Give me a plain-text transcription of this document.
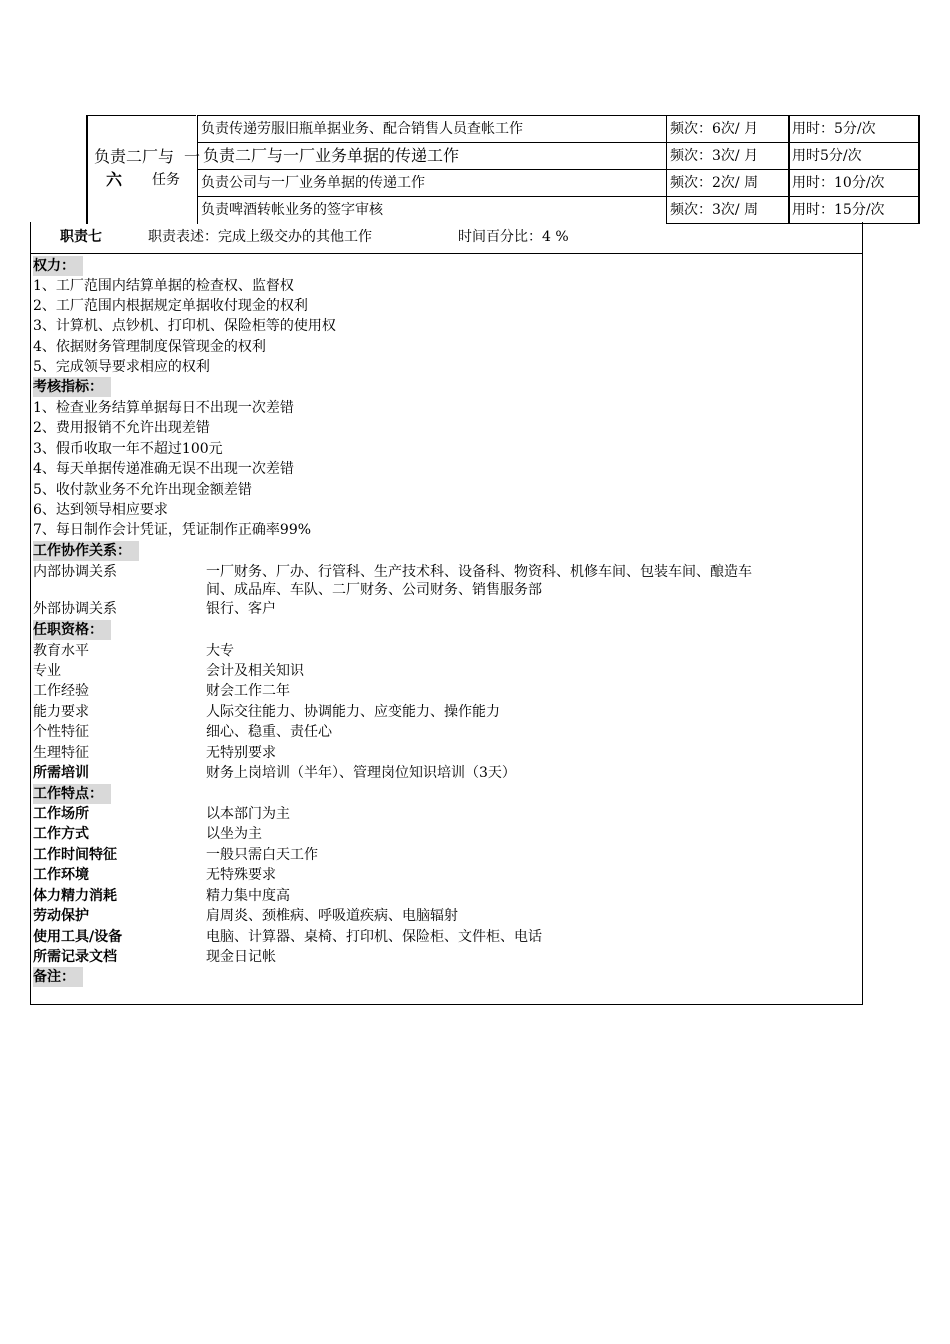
负责二厂与 一
六 任务
负责传递劳服旧瓶单据业务、配合销售人员查帐工作	频次：6次/ 月 用时：5分/次
负责二厂与一厂业务单据的传递工作	频次：3次/ 月 用时5分/次
负责公司与一厂业务单据的传递工作	频次：2次/ 周 用时：10分/次
负责啤酒转帐业务的签字审核	频次：3次/ 周 用时：15分/次
职责七	职责表述：完成上级交办的其他工作	时间百分比：4 %
权力：
1、工厂范围内结算单据的检查权、监督权
2、工厂范围内根据规定单据收付现金的权利
3、计算机、点钞机、打印机、保险柜等的使用权
4、依据财务管理制度保管现金的权利
5、完成领导要求相应的权利
考核指标：
1、检查业务结算单据每日不出现一次差错
2、费用报销不允许出现差错
3、假币收取一年不超过100元
4、每天单据传递准确无误不出现一次差错
5、收付款业务不允许出现金额差错
6、达到领导相应要求
7、每日制作会计凭证，凭证制作正确率99%
工作协作关系：
内部协调关系	一厂财务、厂办、行管科、生产技术科、设备科、物资科、机修车间、包装车间、酿造车
间、成品库、车队、二厂财务、公司财务、销售服务部
外部协调关系	银行、客户
任职资格：
教育水平	大专
专业	会计及相关知识
工作经验	财会工作二年
能力要求	人际交往能力、协调能力、应变能力、操作能力
个性特征	细心、稳重、责任心
生理特征	无特别要求
所需培训	财务上岗培训（半年）、管理岗位知识培训（3天）
工作特点：
工作场所	以本部门为主
工作方式	以坐为主
工作时间特征	一般只需白天工作
工作环境	无特殊要求
体力精力消耗	精力集中度高
劳动保护	肩周炎、颈椎病、呼吸道疾病、电脑辐射
使用工具/设备	电脑、计算器、桌椅、打印机、保险柜、文件柜、电话
所需记录文档	现金日记帐
备注：
